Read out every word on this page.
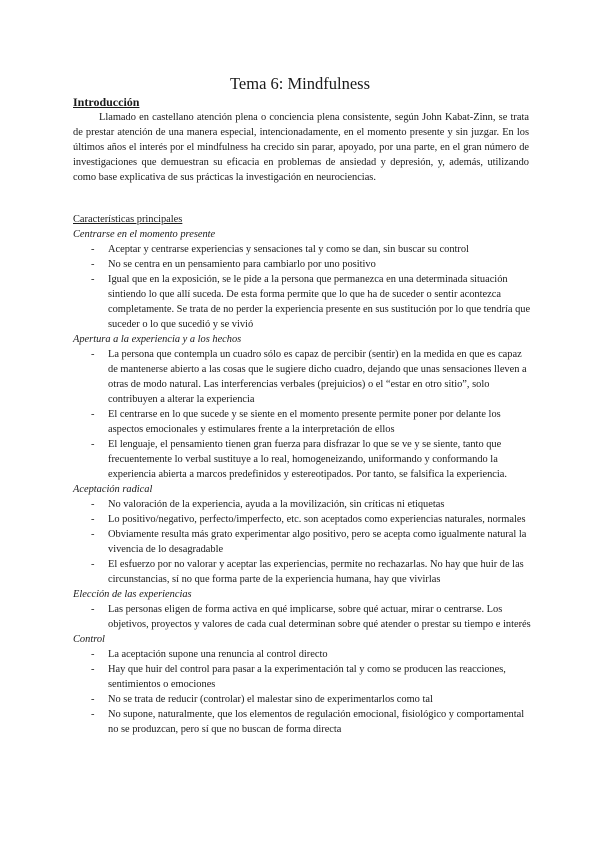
Tema 6: Mindfulness
Introducción
Llamado en castellano atención plena o conciencia plena consistente, según John Kabat-Zinn, se trata de prestar atención de una manera especial, intencionadamente, en el momento presente y sin juzgar. En los últimos años el interés por el mindfulness ha crecido sin parar, apoyado, por una parte, en el gran número de investigaciones que demuestran su eficacia en problemas de ansiedad y depresión, y, además, utilizando como base explicativa de sus prácticas la investigación en neurociencias.
Características principales
Centrarse en el momento presente
- Aceptar y centrarse experiencias y sensaciones tal y como se dan, sin buscar su control
- No se centra en un pensamiento para cambiarlo por uno positivo
- Igual que en la exposición, se le pide a la persona que permanezca en una determinada situación sintiendo lo que allí suceda. De esta forma permite que lo que ha de suceder o sentir acontezca completamente. Se trata de no perder la experiencia presente en sus sustitución por lo que tendría que suceder o lo que sucedió y se vivió
Apertura a la experiencia y a los hechos
- La persona que contempla un cuadro sólo es capaz de percibir (sentir) en la medida en que es capaz de mantenerse abierto a las cosas que le sugiere dicho cuadro, dejando que unas sensaciones lleven a otras de modo natural. Las interferencias verbales (prejuicios) o el “estar en otro sitio”, solo contribuyen a alterar la experiencia
- El centrarse en lo que sucede y se siente en el momento presente permite poner por delante los aspectos emocionales y estimulares frente a la interpretación de ellos
- El lenguaje, el pensamiento tienen gran fuerza para disfrazar lo que se ve y se siente, tanto que frecuentemente lo verbal sustituye a lo real, homogeneizando, uniformando y conformando la experiencia abierta a marcos predefinidos y estereotipados. Por tanto, se falsifica la experiencia.
Aceptación radical
- No valoración de la experiencia, ayuda a la movilización, sin críticas ni etiquetas
- Lo positivo/negativo, perfecto/imperfecto, etc. son aceptados como experiencias naturales, normales
- Obviamente resulta más grato experimentar algo positivo, pero se acepta como igualmente natural la vivencia de lo desagradable
- El esfuerzo por no valorar y aceptar las experiencias, permite no rechazarlas. No hay que huir de las circunstancias, sí no que forma parte de la experiencia humana, hay que vivirlas
Elección de las experiencias
- Las personas eligen de forma activa en qué implicarse, sobre qué actuar, mirar o centrarse. Los objetivos, proyectos y valores de cada cual determinan sobre qué atender o prestar su tiempo e interés
Control
- La aceptación supone una renuncia al control directo
- Hay que huir del control para pasar a la experimentación tal y como se producen las reacciones, sentimientos o emociones
- No se trata de reducir (controlar) el malestar sino de experimentarlos como tal
- No supone, naturalmente, que los elementos de regulación emocional, fisiológico y comportamental no se produzcan, pero sí que no buscan de forma directa
